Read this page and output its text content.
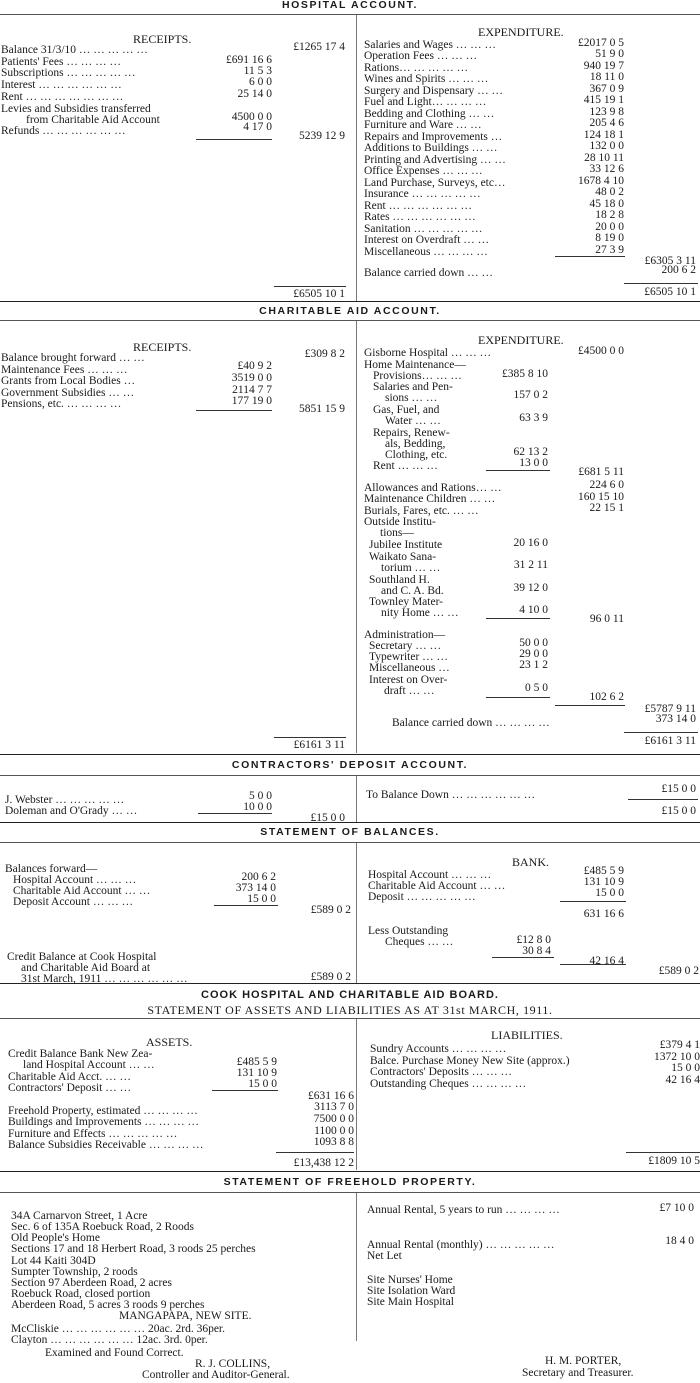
HOSPITAL ACCOUNT.
RECEIPTS.
Balance 31/3/10 … … … … …	£1265 17 4
Patients' Fees … … … …	£691 16 6
Subscriptions … … … … …	11 5 3
Interest … … … … … …	6 0 0
Rent … … … … … … …	25 14 0
Levies and Subsidies transferred
from Charitable Aid Account	4500 0 0
Refunds … … … … … …	4 17 0
5239 12 9
£6505 10 1
EXPENDITURE.
Salaries and Wages … … …	£2017 0 5
Operation Fees … … …	51 9 0
Rations… … … … …	940 19 7
Wines and Spirits … … …	18 11 0
Surgery and Dispensary … …	367 0 9
Fuel and Light… … … …	415 19 1
Bedding and Clothing … …	123 9 8
Furniture and Ware … …	205 4 6
Repairs and Improvements …	124 18 1
Additions to Buildings … …	132 0 0
Printing and Advertising … …	28 10 11
Office Expenses … … …	33 12 6
Land Purchase, Surveys, etc…	1678 4 10
Insurance … … … … …	48 0 2
Rent … … … … … …	45 18 0
Rates … … … … … …	18 2 8
Sanitation … … … … …	20 0 0
Interest on Overdraft … …	8 19 0
Miscellaneous … … … …	27 3 9
£6305 3 11
Balance carried down … …	200 6 2
£6505 10 1
CHARITABLE AID ACCOUNT.
RECEIPTS.
Balance brought forward … …	£309 8 2
Maintenance Fees … … …	£40 9 2
Grants from Local Bodies …	3519 0 0
Government Subsidies … …	2114 7 7
Pensions, etc. … … … …	177 19 0
5851 15 9
£6161 3 11
EXPENDITURE.
Gisborne Hospital … … …	£4500 0 0
Home Maintenance—
Provisions… … …	£385 8 10
Salaries and Pen-
sions … …	157 0 2
Gas, Fuel, and
Water … …	63 3 9
Repairs, Renew-
als, Bedding,
Clothing, etc.	62 13 2
Rent … … …	13 0 0
£681 5 11
Allowances and Rations… …	224 6 0
Maintenance Children … …	160 15 10
Burials, Fares, etc. … …	22 15 1
Outside Institu-
tions—
Jubilee Institute	20 16 0
Waikato Sana-
torium … …	31 2 11
Southland H.
and C. A. Bd.	39 12 0
Townley Mater-
nity Home … …	4 10 0
96 0 11
Administration—
Secretary … …	50 0 0
Typewriter … …	29 0 0
Miscellaneous …	23 1 2
Interest on Over-
draft … …	0 5 0
102 6 2
£5787 9 11
Balance carried down … … … …	373 14 0
£6161 3 11
CONTRACTORS' DEPOSIT ACCOUNT.
J. Webster … … … … …	5 0 0
Doleman and O'Grady … …	10 0 0
£15 0 0
To Balance Down … … … … … …	£15 0 0
£15 0 0
STATEMENT OF BALANCES.
Balances forward—
Hospital Account … … …	200 6 2
Charitable Aid Account … …	373 14 0
Deposit Account … … …	15 0 0
£589 0 2
Credit Balance at Cook Hospital
and Charitable Aid Board at
31st March, 1911 … … … … … …	£589 0 2
BANK.
Hospital Account … … …	£485 5 9
Charitable Aid Account … …	131 10 9
Deposit … … … … …	15 0 0
631 16 6
Less Outstanding
Cheques … …	£12 8 0
30 8 4
42 16 4
£589 0 2
COOK HOSPITAL AND CHARITABLE AID BOARD.
STATEMENT OF ASSETS AND LIABILITIES AS AT 31st MARCH, 1911.
ASSETS.
Credit Balance Bank New Zea-
land Hospital Account … …	£485 5 9
Charitable Aid Acct. … …	131 10 9
Contractors' Deposit … …	15 0 0
£631 16 6
Freehold Property, estimated … … … …	3113 7 0
Buildings and Improvements … … … …	7500 0 0
Furniture and Effects … … … … …	1100 0 0
Balance Subsidies Receivable … … … …	1093 8 8
£13,438 12 2
LIABILITIES.
Sundry Accounts … … … …	£379 4 1
Balce. Purchase Money New Site (approx.)	1372 10 0
Contractors' Deposits … … …	15 0 0
Outstanding Cheques … … … …	42 16 4
£1809 10 5
STATEMENT OF FREEHOLD PROPERTY.
34A Carnarvon Street, 1 Acre
Sec. 6 of 135A Roebuck Road, 2 Roods
Old People's Home
Sections 17 and 18 Herbert Road, 3 roods 25 perches
Lot 44 Kaiti 304D
Sumpter Township, 2 roods
Section 97 Aberdeen Road, 2 acres
Roebuck Road, closed portion
Aberdeen Road, 5 acres 3 roods 9 perches
MANGAPAPA, NEW SITE.
McCliskie … … … … … … 20ac. 2rd. 36per.
Clayton … … … … … … 12ac. 3rd. 0per.
Annual Rental, 5 years to run … … … …	£7 10 0
Annual Rental (monthly) … … … … …	18 4 0
Net Let
Site Nurses' Home
Site Isolation Ward
Site Main Hospital
Examined and Found Correct.
R. J. COLLINS,
Controller and Auditor-General.
H. M. PORTER,
Secretary and Treasurer.
